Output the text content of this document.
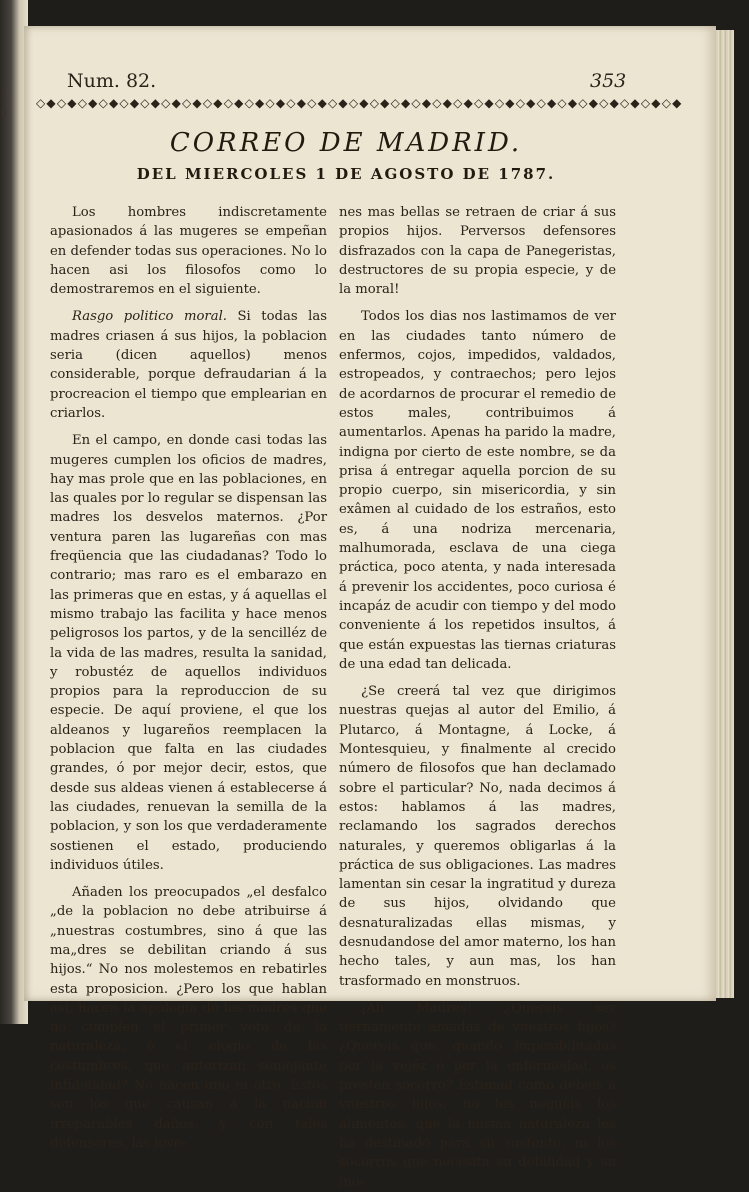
l
é
Num. 82.	353
◇◆◇◆◇◆◇◆◇◆◇◆◇◆◇◆◇◆◇◆◇◆◇◆◇◆◇◆◇◆◇◆◇◆◇◆◇◆◇◆◇◆◇◆◇◆◇◆◇◆◇◆◇◆◇◆◇◆◇◆◇◆
CORREO DE MADRID.
DEL MIERCOLES 1 DE AGOSTO DE 1787.

Los hombres indiscretamente apasionados á las mugeres se empeñan en defender todas sus operaciones. No lo hacen asi los filosofos como lo demostraremos en el siguiente.

Rasgo politico moral. Si todas las madres criasen á sus hijos, la poblacion seria (dicen aquellos) menos considerable, porque defraudarian á la procreacion el tiempo que emplearian en criarlos.

En el campo, en donde casi todas las mugeres cumplen los oficios de madres, hay mas prole que en las poblaciones, en las quales por lo regular se dispensan las madres los desvelos maternos. ¿Por ventura paren las lugareñas con mas freqüencia que las ciudadanas? Todo lo contrario; mas raro es el embarazo en las primeras que en estas, y á aquellas el mismo trabajo las facilita y hace menos peligrosos los partos, y de la sencilléz de la vida de las madres, resulta la sanidad, y robustéz de aquellos individuos propios para la reproduccion de su especie. De aquí proviene, el que los aldeanos y lugareños reemplacen la poblacion que falta en las ciudades grandes, ó por mejor decir, estos, que desde sus aldeas vienen á establecerse á las ciudades, renuevan la semilla de la poblacion, y son los que verdaderamente sostienen el estado, produciendo individuos útiles.

Añaden los preocupados „el desfalco „de la poblacion no debe atribuirse á „nuestras costumbres, sino á que las ma„dres se debilitan criando á sus hijos.“ No nos molestemos en rebatirles esta proposicion. ¿Pero los que hablan asi, hacen la apología de las madres que no cumplen el primer voto de la naturaleza, ó el elogio de las costumbres, que autorizan semejante infidelidad? No hacen uno ni otro. Estos son los que causan á la nacion irreparables daños, y con tales defensores, las jove-

nes mas bellas se retraen de criar á sus propios hijos. Perversos defensores disfrazados con la capa de Panegeristas, destructores de su propia especie, y de la moral!

Todos los dias nos lastimamos de ver en las ciudades tanto número de enfermos, cojos, impedidos, valdados, estropeados, y contraechos; pero lejos de acordarnos de procurar el remedio de estos males, contribuimos á aumentarlos. Apenas ha parido la madre, indigna por cierto de este nombre, se da prisa á entregar aquella porcion de su propio cuerpo, sin misericordia, y sin exâmen al cuidado de los estraños, esto es, á una nodriza mercenaria, malhumorada, esclava de una ciega práctica, poco atenta, y nada interesada á prevenir los accidentes, poco curiosa é incapáz de acudir con tiempo y del modo conveniente á los repetidos insultos, á que están expuestas las tiernas criaturas de una edad tan delicada.

¿Se creerá tal vez que dirigimos nuestras quejas al autor del Emilio, á Plutarco, á Montagne, á Locke, á Montesquieu, y finalmente al crecido número de filosofos que han declamado sobre el particular? No, nada decimos á estos: hablamos á las madres, reclamando los sagrados derechos naturales, y queremos obligarlas á la práctica de sus obligaciones. Las madres lamentan sin cesar la ingratitud y dureza de sus hijos, olvidando que desnaturalizadas ellas mismas, y desnudandose del amor materno, los han hecho tales, y aun mas, los han trasformado en monstruos.

¡Ah Madres! ¿Quereis ser tiernamente amadas de vuestros hijos? ¿Quereis que, quando imposibilitadas por la vejéz ó por la enfermedad, os presten socorro? Estimad como debeis á vuestros hijos, no les negueis los alimentos, que la misma naturaleza les ha destinado para su sustento, ni los socorros que necesita su debilidad y su ino-
